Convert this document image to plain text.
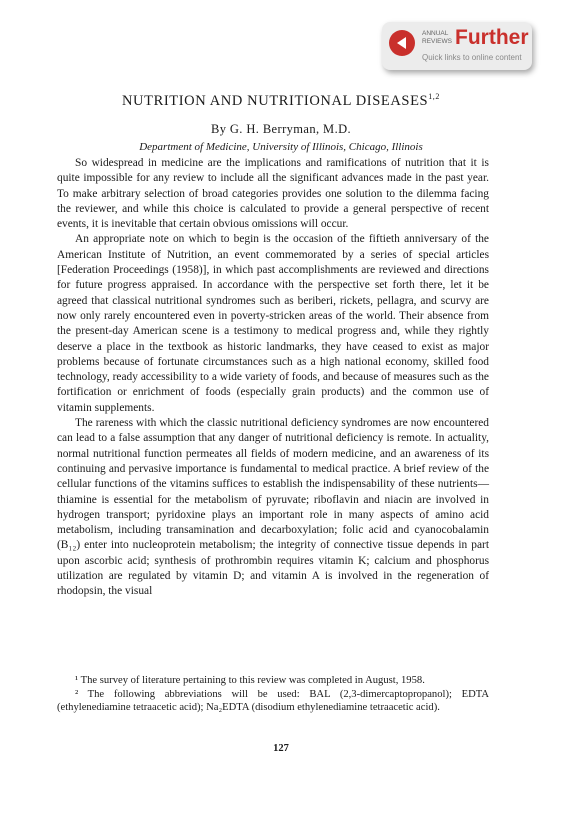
ANNUAL REVIEWS Further
Quick links to online content
NUTRITION AND NUTRITIONAL DISEASES$^{1,2}$
By G. H. Berryman, M.D.
Department of Medicine, University of Illinois, Chicago, Illinois

So widespread in medicine are the implications and ramifications of nutrition that it is quite impossible for any review to include all the significant advances made in the past year. To make arbitrary selection of broad categories provides one solution to the dilemma facing the reviewer, and while this choice is calculated to provide a general perspective of recent events, it is inevitable that certain obvious omissions will occur.

An appropriate note on which to begin is the occasion of the fiftieth anniversary of the American Institute of Nutrition, an event commemorated by a series of special articles [Federation Proceedings (1958)], in which past accomplishments are reviewed and directions for future progress appraised. In accordance with the perspective set forth there, let it be agreed that classical nutritional syndromes such as beriberi, rickets, pellagra, and scurvy are now only rarely encountered even in poverty-stricken areas of the world. Their absence from the present-day American scene is a testimony to medical progress and, while they rightly deserve a place in the textbook as historic landmarks, they have ceased to exist as major problems because of fortunate circumstances such as a high national economy, skilled food technology, ready accessibility to a wide variety of foods, and because of measures such as the fortification or enrichment of foods (especially grain products) and the common use of vitamin supplements.

The rareness with which the classic nutritional deficiency syndromes are now encountered can lead to a false assumption that any danger of nutritional deficiency is remote. In actuality, normal nutritional function permeates all fields of modern medicine, and an awareness of its continuing and pervasive importance is fundamental to medical practice. A brief review of the cellular functions of the vitamins suffices to establish the indispensability of these nutrients—thiamine is essential for the metabolism of pyruvate; riboflavin and niacin are involved in hydrogen transport; pyridoxine plays an important role in many aspects of amino acid metabolism, including transamination and decarboxylation; folic acid and cyanocobalamin (B₁₂) enter into nucleoprotein metabolism; the integrity of connective tissue depends in part upon ascorbic acid; synthesis of prothrombin requires vitamin K; calcium and phosphorus utilization are regulated by vitamin D; and vitamin A is involved in the regeneration of rhodopsin, the visual

¹ The survey of literature pertaining to this review was completed in August, 1958.

² The following abbreviations will be used: BAL (2,3-dimercaptopropanol); EDTA (ethylenediamine tetraacetic acid); Na₂EDTA (disodium ethylenediamine tetraacetic acid).

127
